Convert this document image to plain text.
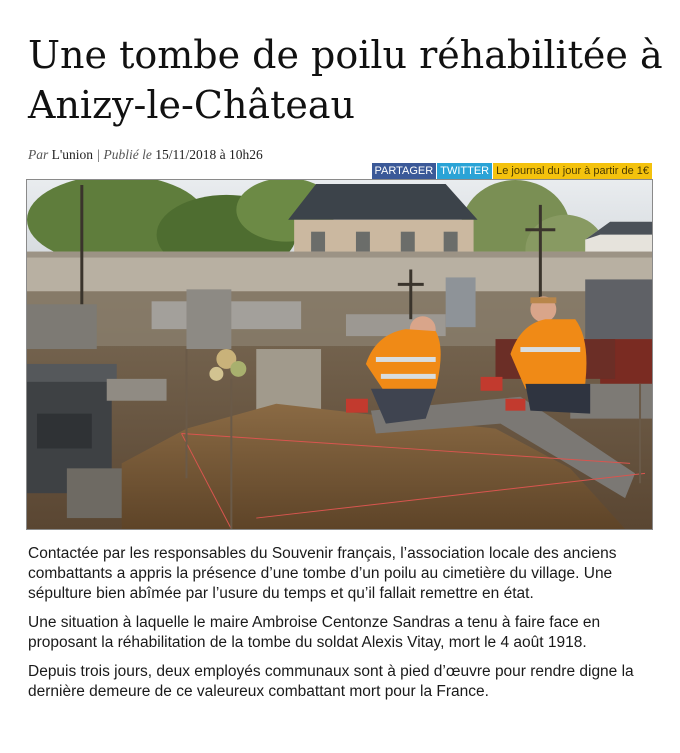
Une tombe de poilu réhabilitée à Anizy-le-Château
Par L'union | Publié le 15/11/2018 à 10h26
PARTAGER TWITTER Le journal du jour à partir de 1€

Contactée par les responsables du Souvenir français, l’association locale des anciens combattants a appris la présence d’une tombe d’un poilu au cimetière du village. Une sépulture bien abîmée par l’usure du temps et qu’il fallait remettre en état.

Une situation à laquelle le maire Ambroise Centonze Sandras a tenu à faire face en proposant la réhabilitation de la tombe du soldat Alexis Vitay, mort le 4 août 1918.

Depuis trois jours, deux employés communaux sont à pied d’œuvre pour rendre digne la dernière demeure de ce valeureux combattant mort pour la France.
